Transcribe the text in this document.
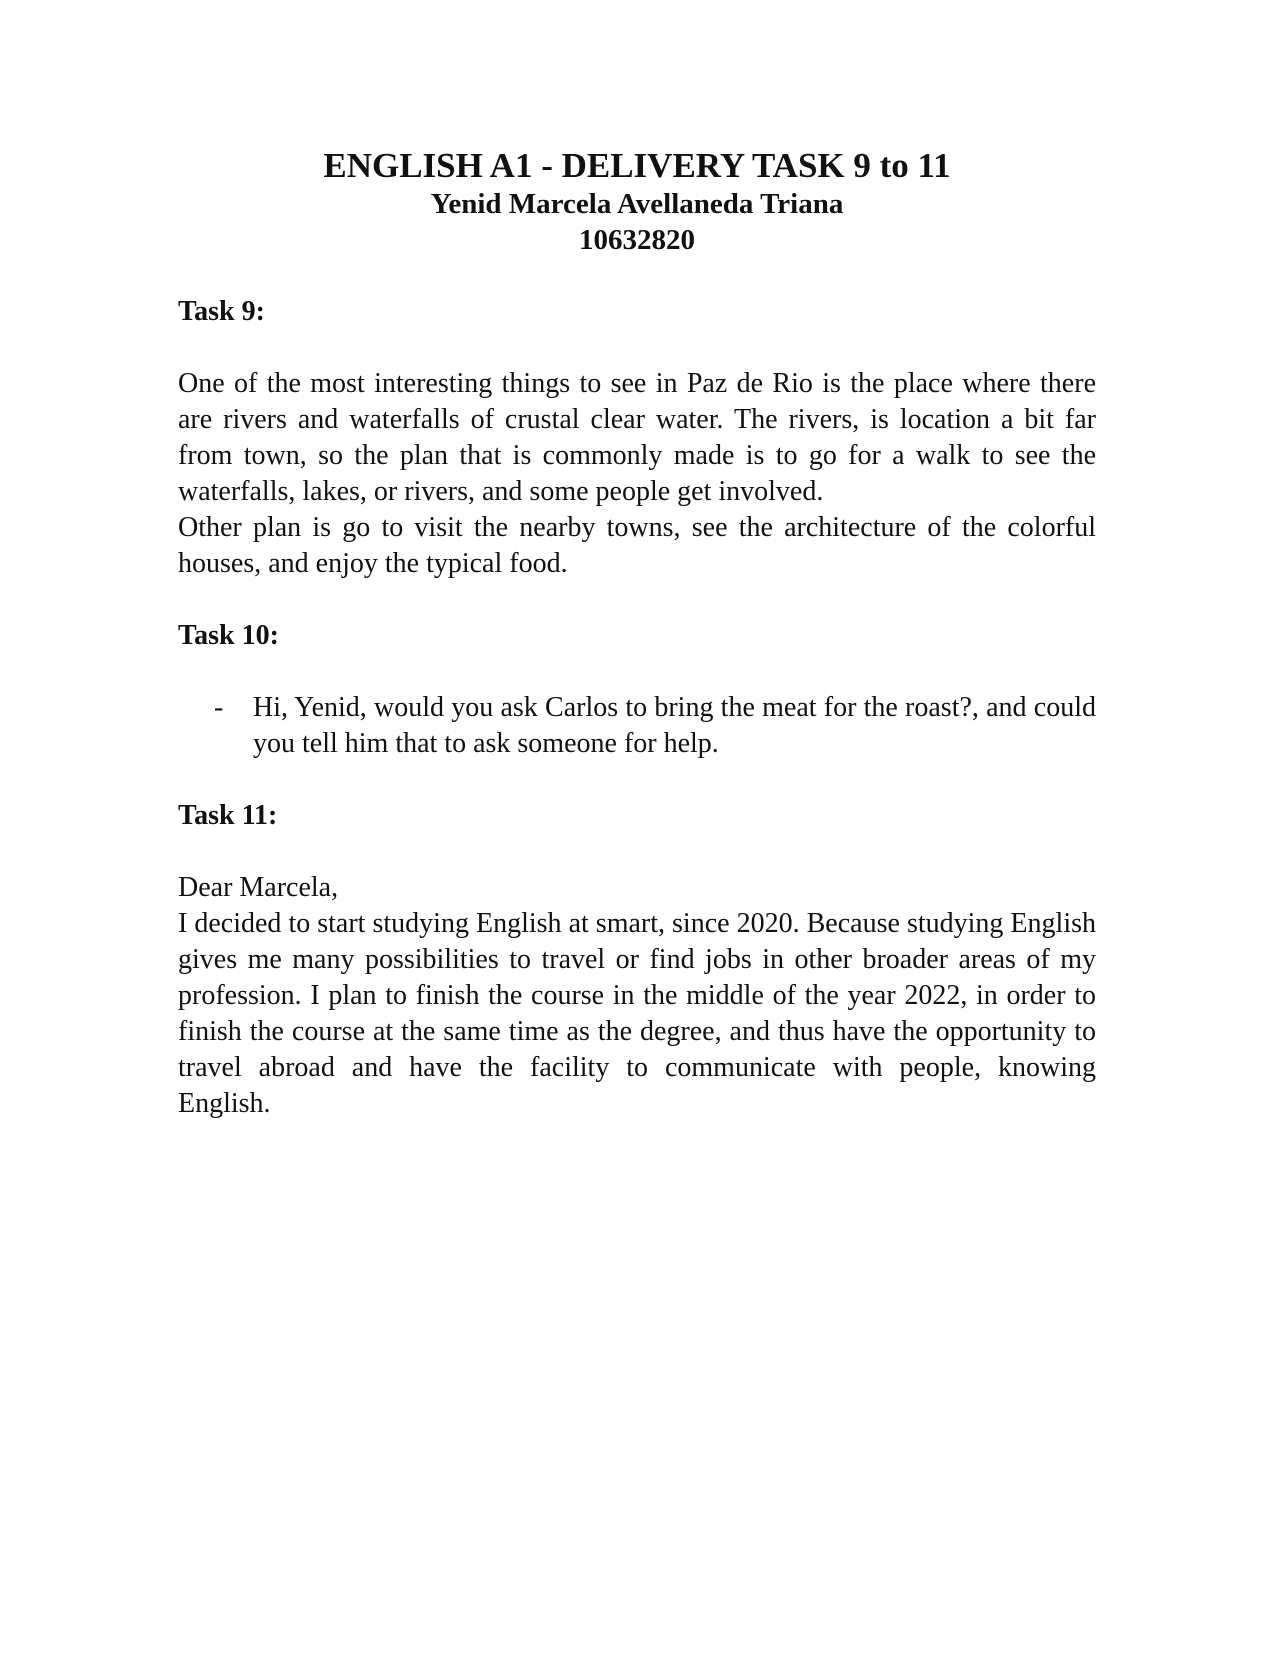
ENGLISH A1 - DELIVERY TASK 9 to 11

Yenid Marcela Avellaneda Triana

10632820

Task 9:

One of the most interesting things to see in Paz de Rio is the place where there are rivers and waterfalls of crustal clear water. The rivers, is location a bit far from town, so the plan that is commonly made is to go for a walk to see the waterfalls, lakes, or rivers, and some people get involved.

Other plan is go to visit the nearby towns, see the architecture of the colorful houses, and enjoy the typical food.

Task 10:

-	Hi, Yenid, would you ask Carlos to bring the meat for the roast?, and could you tell him that to ask someone for help.

Task 11:

Dear Marcela,

I decided to start studying English at smart, since 2020. Because studying English gives me many possibilities to travel or find jobs in other broader areas of my profession. I plan to finish the course in the middle of the year 2022, in order to finish the course at the same time as the degree, and thus have the opportunity to travel abroad and have the facility to communicate with people, knowing English.
